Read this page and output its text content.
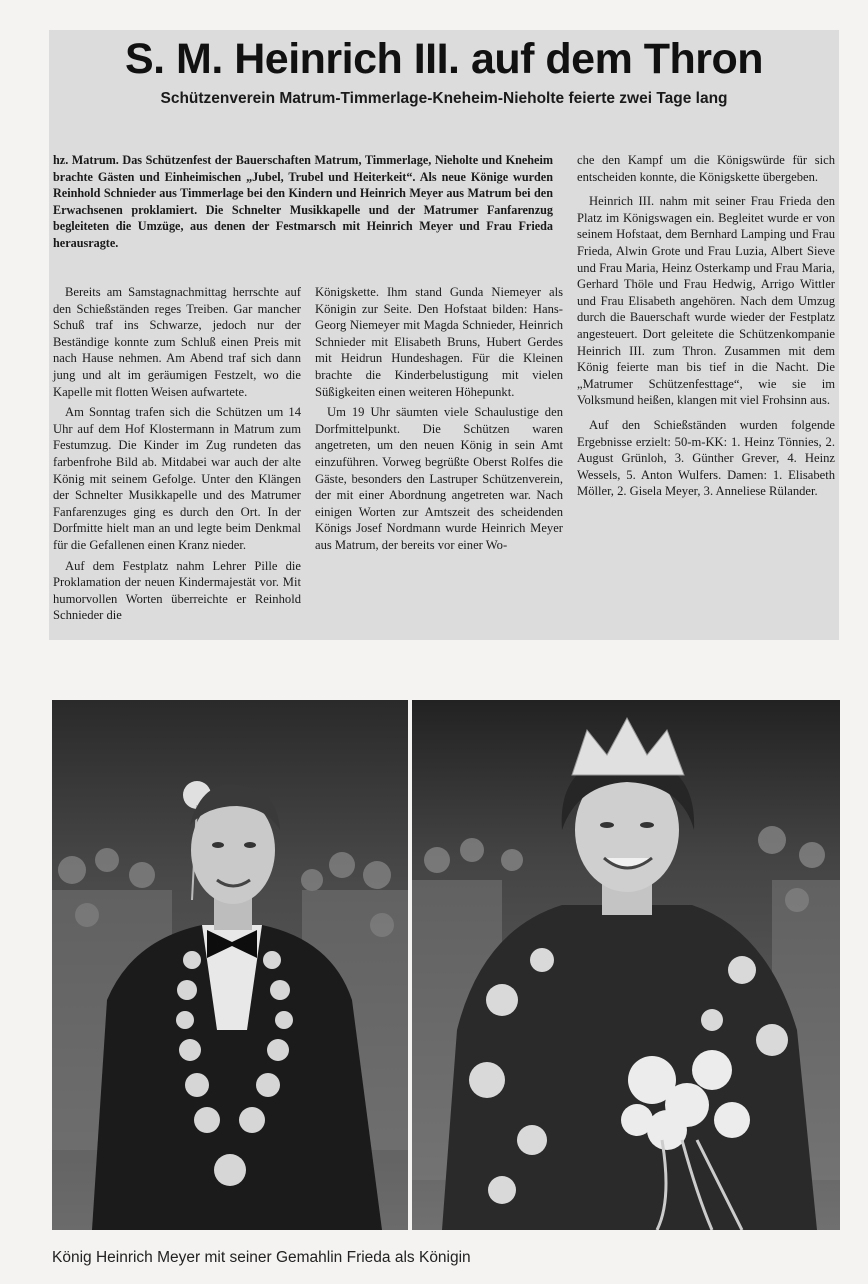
S. M. Heinrich III. auf dem Thron
Schützenverein Matrum-Timmerlage-Kneheim-Nieholte feierte zwei Tage lang
hz. Matrum. Das Schützenfest der Bauerschaften Matrum, Timmerlage, Nieholte und Kneheim brachte Gästen und Einheimischen „Jubel, Trubel und Heiterkeit“. Als neue Könige wurden Reinhold Schnieder aus Timmerlage bei den Kindern und Heinrich Meyer aus Matrum bei den Erwachsenen proklamiert. Die Schnelter Musikkapelle und der Matrumer Fanfarenzug begleiteten die Umzüge, aus denen der Festmarsch mit Heinrich Meyer und Frau Frieda herausragte.

Bereits am Samstagnachmittag herrschte auf den Schießständen reges Treiben. Gar mancher Schuß traf ins Schwarze, jedoch nur der Beständige konnte zum Schluß einen Preis mit nach Hause nehmen. Am Abend traf sich dann jung und alt im geräumigen Festzelt, wo die Kapelle mit flotten Weisen aufwartete.

Am Sonntag trafen sich die Schützen um 14 Uhr auf dem Hof Klostermann in Matrum zum Festumzug. Die Kinder im Zug rundeten das farbenfrohe Bild ab. Mitdabei war auch der alte König mit seinem Gefolge. Unter den Klängen der Schnelter Musikkapelle und des Matrumer Fanfarenzuges ging es durch den Ort. In der Dorfmitte hielt man an und legte beim Denkmal für die Gefallenen einen Kranz nieder.

Auf dem Festplatz nahm Lehrer Pille die Proklamation der neuen Kindermajestät vor. Mit humorvollen Worten überreichte er Reinhold Schnieder die

Königskette. Ihm stand Gunda Niemeyer als Königin zur Seite. Den Hofstaat bilden: Hans-Georg Niemeyer mit Magda Schnieder, Heinrich Schnieder mit Elisabeth Bruns, Hubert Gerdes mit Heidrun Hundeshagen. Für die Kleinen brachte die Kinderbelustigung mit vielen Süßigkeiten einen weiteren Höhepunkt.

Um 19 Uhr säumten viele Schaulustige den Dorfmittelpunkt. Die Schützen waren angetreten, um den neuen König in sein Amt einzuführen. Vorweg begrüßte Oberst Rolfes die Gäste, besonders den Lastruper Schützenverein, der mit einer Abordnung angetreten war. Nach einigen Worten zur Amtszeit des scheidenden Königs Josef Nordmann wurde Heinrich Meyer aus Matrum, der bereits vor einer Wo-

che den Kampf um die Königswürde für sich entscheiden konnte, die Königskette übergeben.

Heinrich III. nahm mit seiner Frau Frieda den Platz im Königswagen ein. Begleitet wurde er von seinem Hofstaat, dem Bernhard Lamping und Frau Frieda, Alwin Grote und Frau Luzia, Albert Sieve und Frau Maria, Heinz Osterkamp und Frau Maria, Gerhard Thöle und Frau Hedwig, Arrigo Wittler und Frau Elisabeth angehören. Nach dem Umzug durch die Bauerschaft wurde wieder der Festplatz angesteuert. Dort geleitete die Schützenkompanie Heinrich III. zum Thron. Zusammen mit dem König feierte man bis tief in die Nacht. Die „Matrumer Schützenfesttage“, wie sie im Volksmund heißen, klangen mit viel Frohsinn aus.

Auf den Schießständen wurden folgende Ergebnisse erzielt: 50-m-KK: 1. Heinz Tönnies, 2. August Grünloh, 3. Günther Grever, 4. Heinz Wessels, 5. Anton Wulfers. Damen: 1. Elisabeth Möller, 2. Gisela Meyer, 3. Anneliese Rülander.

König Heinrich Meyer mit seiner Gemahlin Frieda als Königin
